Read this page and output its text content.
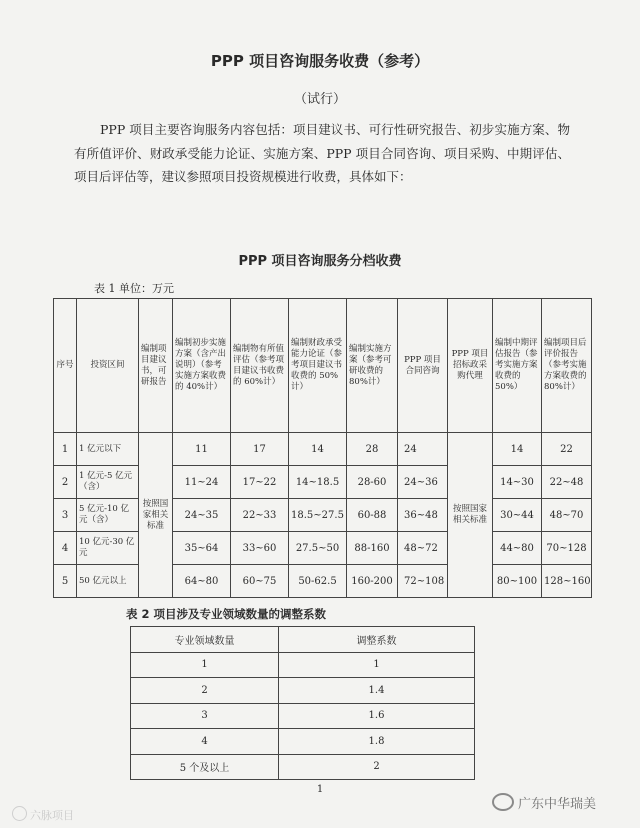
PPP 项目咨询服务收费（参考）
（试行）
PPP 项目主要咨询服务内容包括：项目建议书、可行性研究报告、初步实施方案、物有所值评价、财政承受能力论证、实施方案、PPP 项目合同咨询、项目采购、中期评估、项目后评估等，建议参照项目投资规模进行收费，具体如下：
PPP 项目咨询服务分档收费
表 1 单位：万元
序号	投资区间	编制项目建议书，可研报告	编制初步实施方案（含产出说明）（参考实施方案收费的 40%计）	编制物有所值评估（参考项目建议书收费的 60%计）	编制财政承受能力论证（参考项目建议书收费的 50%计）	编制实施方案（参考可研收费的 80%计）	PPP 项目合同咨询	PPP 项目招标政采购代理	编制中期评估报告（参考实施方案收费的 50%）	编制项目后评价报告（参考实施方案收费的 80%计）
1	1 亿元以下	按照国家相关标准	11	17	14	28	24	按照国家相关标准	14	22
2	1 亿元-5 亿元（含）		11~24	17~22	14~18.5	28-60	24~36		14~30	22~48
3	5 亿元-10 亿元（含）		24~35	22~33	18.5~27.5	60-88	36~48		30~44	48~70
4	10 亿元-30 亿元		35~64	33~60	27.5~50	88-160	48~72		44~80	70~128
5	50 亿元以上		64~80	60~75	50-62.5	160-200	72~108		80~100	128~160
表 2 项目涉及专业领域数量的调整系数
专业领域数量	调整系数
1	1
2	1.4
3	1.6
4	1.8
5 个及以上	2
1
六脉项目
广东中华瑞美
